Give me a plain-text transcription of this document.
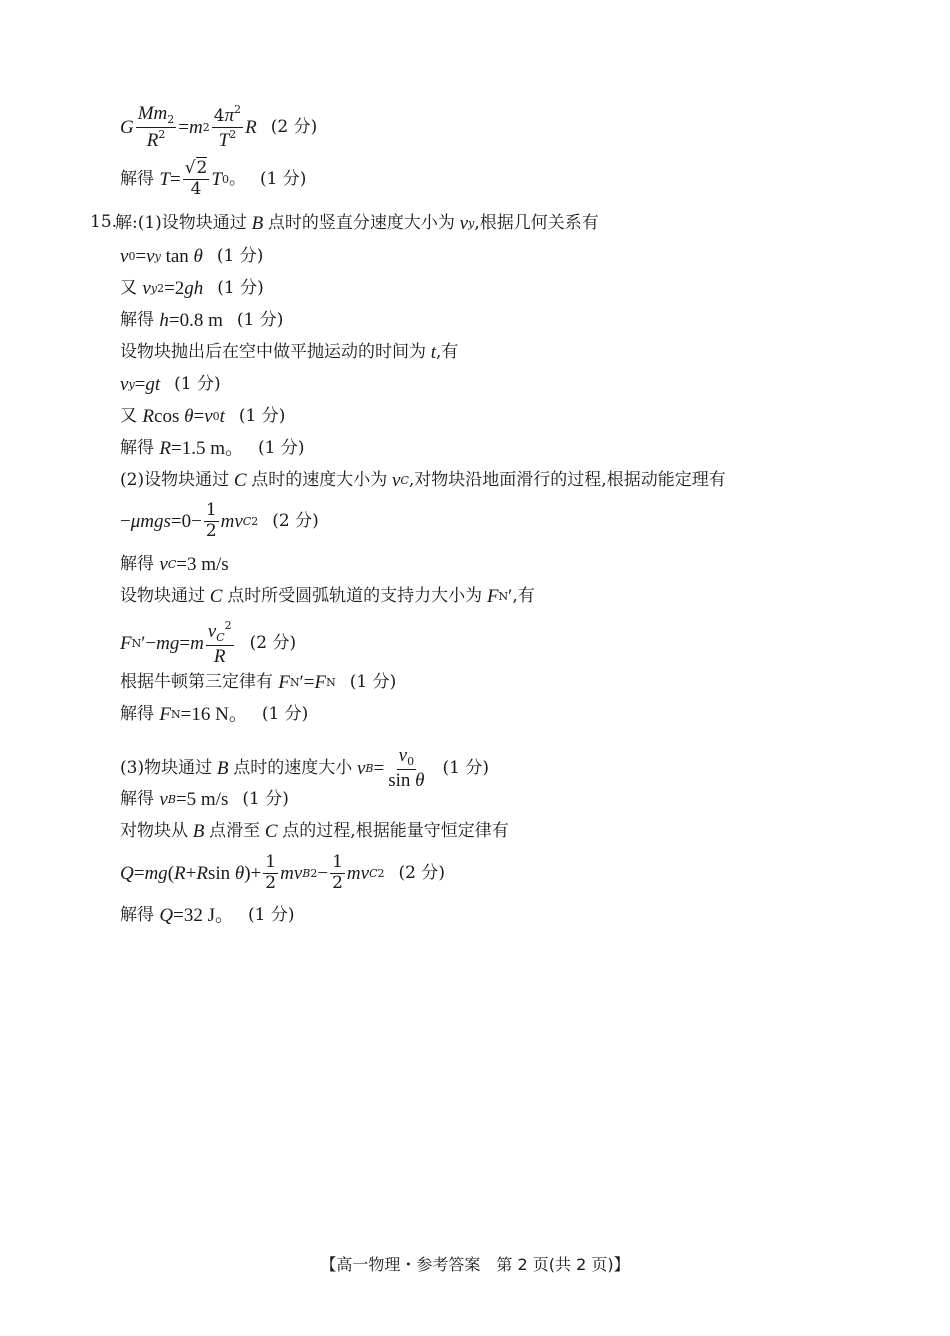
G $\frac{Mm_2}{R^2} = m$ $2 \frac{4\pi^2}{T^2}$ R (2 分)
解得
$T = \frac{√2}{4}$ T 0 。 (1 分)
15.
解:(1)设物块通过 B 点时的竖直分速度大小为 v y ,根据几何关系有
v 0 = v y tan θ (1 分)
又
v y 2 =2 gh (1 分)
解得
h =0.8 m (1 分)
设物块抛出后在空中做平抛运动的时间为 t ,有
v y = gt (1 分)
又
R cos θ = v 0 t (1 分)
解得
R =1.5 m。 (1 分)
(2)设物块通过 C 点时的速度大小为 v C ,对物块沿地面滑行的过程,根据动能定理有
− $\mu mgs =0- \frac{1}{2}$ mv C 2 (2 分)
解得
v C =3 m/s
设物块通过 C 点时所受圆弧轨道的支持力大小为 F N ′ ,有
F N ′− mg = m $\frac{v_C^2}{R} (2$ 分)
根据牛顿第三定律有
F N ′= F N (1 分)
解得
F N =16 N。 (1 分)
(3)物块通过 B 点时的速度大小 v $B = \frac{v_0}{\text{sin θ}} (1$ 分)
解得
v B =5 m/s (1 分)
对物块从 B 点滑至 C 点的过程,根据能量守恒定律有
Q = mg ( R + R sin θ )+ $\frac{1}{2}$ mv B $2 - \frac{1}{2}$ mv C 2 (2 分)
解得
Q =32 J。 (1 分)
【高一物理・参考答案　第 2 页(共 2 页)】
